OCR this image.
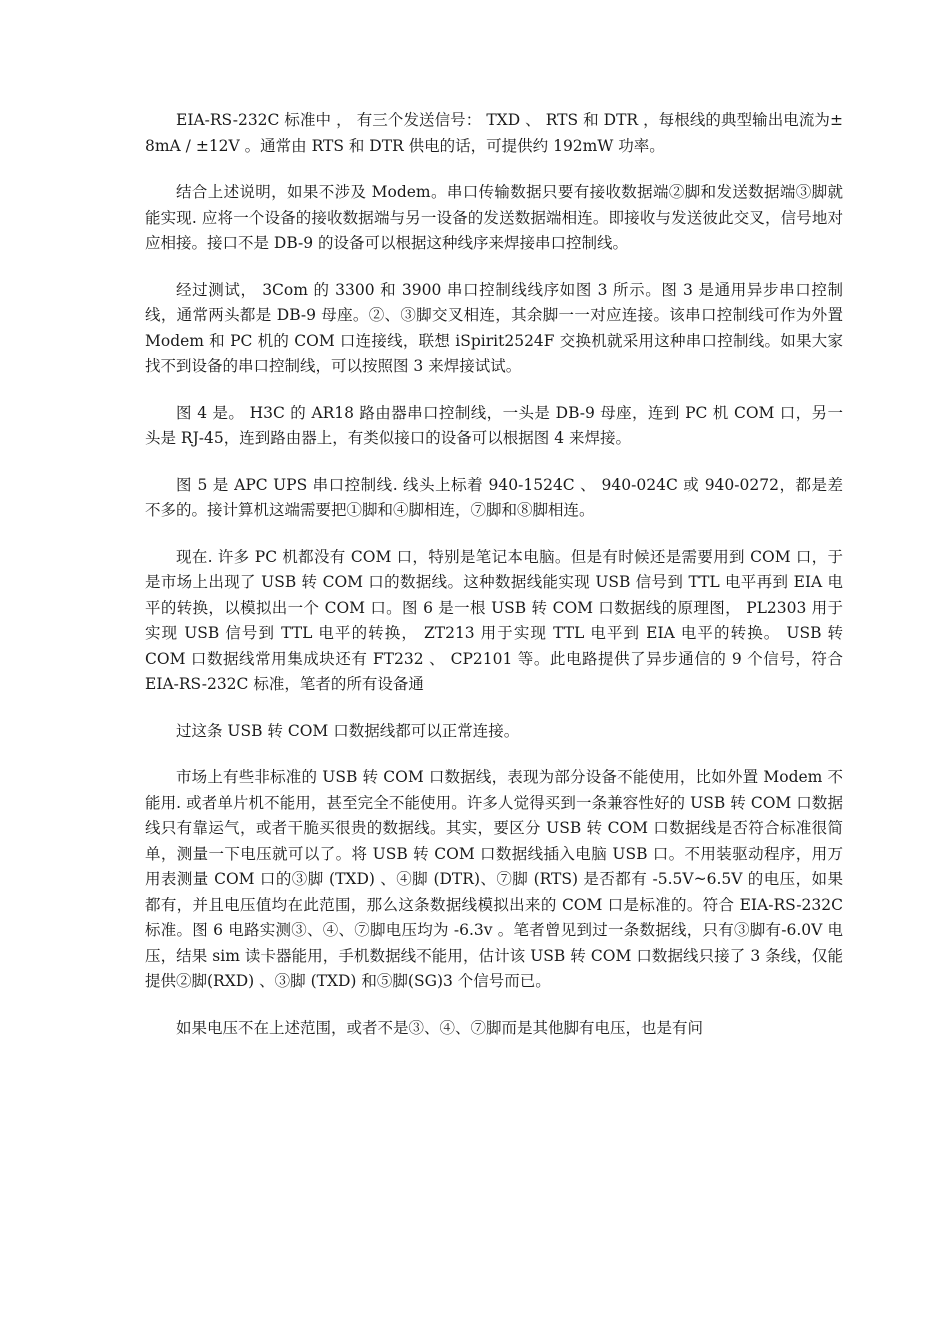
EIA-RS-232C 标准中 ， 有三个发送信号： TXD 、 RTS 和 DTR ，每根线的典型输出电流为± 8mA / ±12V 。通常由 RTS 和 DTR 供电的话，可提供约 192mW 功率。

结合上述说明，如果不涉及 Modem。串口传输数据只要有接收数据端②脚和发送数据端③脚就能实现. 应将一个设备的接收数据端与另一设备的发送数据端相连。即接收与发送彼此交叉，信号地对应相接。接口不是 DB-9 的设备可以根据这种线序来焊接串口控制线。

经过测试， 3Com 的 3300 和 3900 串口控制线线序如图 3 所示。图 3 是通用异步串口控制线，通常两头都是 DB-9 母座。②、③脚交叉相连，其余脚一一对应连接。该串口控制线可作为外置 Modem 和 PC 机的 COM 口连接线，联想 iSpirit2524F 交换机就采用这种串口控制线。如果大家找不到设备的串口控制线，可以按照图 3 来焊接试试。

图 4 是。 H3C 的 AR18 路由器串口控制线，一头是 DB-9 母座，连到 PC 机 COM 口，另一头是 RJ-45，连到路由器上，有类似接口的设备可以根据图 4 来焊接。

图 5 是 APC UPS 串口控制线. 线头上标着 940-1524C 、 940-024C 或 940-0272，都是差不多的。接计算机这端需要把①脚和④脚相连，⑦脚和⑧脚相连。

现在. 许多 PC 机都没有 COM 口，特别是笔记本电脑。但是有时候还是需要用到 COM 口，于是市场上出现了 USB 转 COM 口的数据线。这种数据线能实现 USB 信号到 TTL 电平再到 EIA 电平的转换，以模拟出一个 COM 口。图 6 是一根 USB 转 COM 口数据线的原理图， PL2303 用于实现 USB 信号到 TTL 电平的转换， ZT213 用于实现 TTL 电平到 EIA 电平的转换。 USB 转 COM 口数据线常用集成块还有 FT232 、 CP2101 等。此电路提供了异步通信的 9 个信号，符合 EIA-RS-232C 标准，笔者的所有设备通

过这条 USB 转 COM 口数据线都可以正常连接。

市场上有些非标准的 USB 转 COM 口数据线，表现为部分设备不能使用，比如外置 Modem 不能用. 或者单片机不能用，甚至完全不能使用。许多人觉得买到一条兼容性好的 USB 转 COM 口数据线只有靠运气，或者干脆买很贵的数据线。其实，要区分 USB 转 COM 口数据线是否符合标准很简单，测量一下电压就可以了。将 USB 转 COM 口数据线插入电脑 USB 口。不用装驱动程序，用万用表测量 COM 口的③脚 (TXD) 、④脚 (DTR)、⑦脚 (RTS) 是否都有 -5.5V~6.5V 的电压，如果都有，并且电压值均在此范围，那么这条数据线模拟出来的 COM 口是标准的。符合 EIA-RS-232C 标准。图 6 电路实测③、④、⑦脚电压均为 -6.3v 。笔者曾见到过一条数据线，只有③脚有-6.0V 电压，结果 sim 读卡器能用，手机数据线不能用，估计该 USB 转 COM 口数据线只接了 3 条线，仅能提供②脚(RXD) 、③脚 (TXD) 和⑤脚(SG)3 个信号而已。

如果电压不在上述范围，或者不是③、④、⑦脚而是其他脚有电压，也是有问
